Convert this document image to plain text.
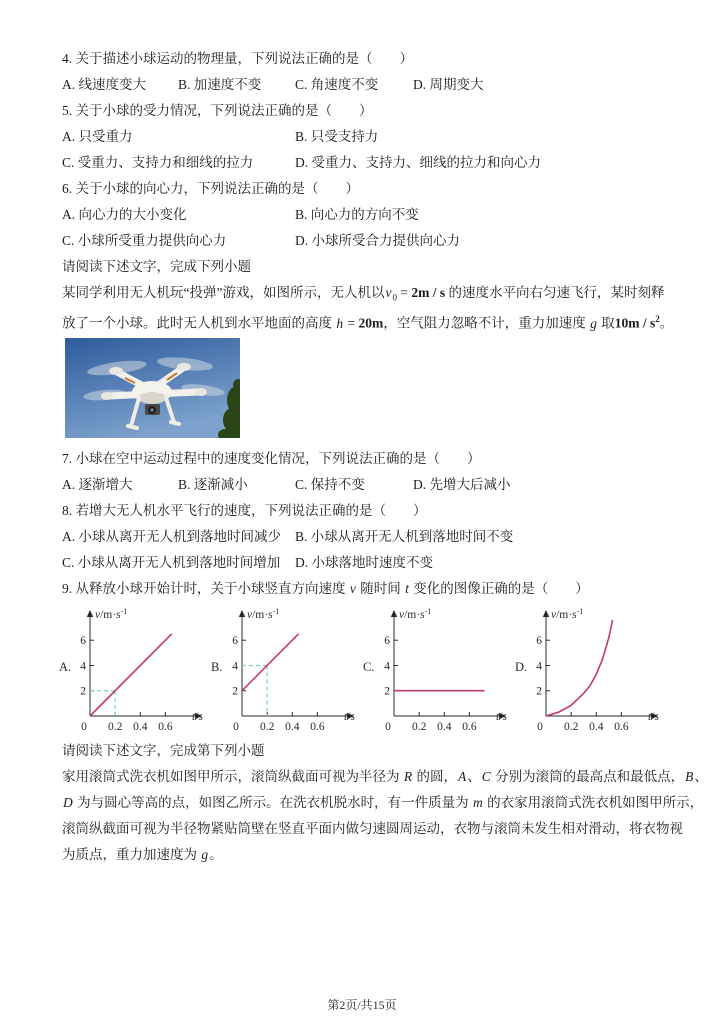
4. 关于描述小球运动的物理量，下列说法正确的是（　　）
A. 线速度变大	B. 加速度不变	C. 角速度不变	D. 周期变大
5. 关于小球的受力情况，下列说法正确的是（　　）
A. 只受重力	B. 只受支持力
C. 受重力、支持力和细线的拉力	D. 受重力、支持力、细线的拉力和向心力
6. 关于小球的向心力，下列说法正确的是（　　）
A. 向心力的大小变化	B. 向心力的方向不变
C. 小球所受重力提供向心力	D. 小球所受合力提供向心力
请阅读下述文字，完成下列小题
某同学利用无人机玩“投弹”游戏，如图所示，无人机以$v_0 = 2m / s$ 的速度水平向右匀速飞行，某时刻释
放了一个小球。此时无人机到水平地面的高度 h = 20m，空气阻力忽略不计，重力加速度 g 取$10m / s^2$。
7. 小球在空中运动过程中的速度变化情况，下列说法正确的是（　　）
A. 逐渐增大	B. 逐渐减小	C. 保持不变	D. 先增大后减小
8. 若增大无人机水平飞行的速度，下列说法正确的是（　　）
A. 小球从离开无人机到落地时间减少	B. 小球从离开无人机到落地时间不变
C. 小球从离开无人机到落地时间增加	D. 小球落地时速度不变
9. 从释放小球开始计时，关于小球竖直方向速度 v 随时间 t 变化的图像正确的是（　　）
A.
$v/m\cdot s^{-1}$
t/s
0
2
4
6
0.2 0.4 0.6
B.
$v/m\cdot s^{-1}$
t/s
0
2
4
6
0.2 0.4 0.6
C.
$v/m\cdot s^{-1}$
t/s
0
2
4
6
0.2 0.4 0.6
D.
$v/m\cdot s^{-1}$
t/s
0
2
4
6
0.2 0.4 0.6
请阅读下述文字，完成第下列小题
家用滚筒式洗衣机如图甲所示，滚筒纵截面可视为半径为 R 的圆，A、C 分别为滚筒的最高点和最低点，B、
D 为与圆心等高的点，如图乙所示。在洗衣机脱水时，有一件质量为 m 的衣家用滚筒式洗衣机如图甲所示，
滚筒纵截面可视为半径物紧贴筒壁在竖直平面内做匀速圆周运动，衣物与滚筒未发生相对滑动，将衣物视
为质点，重力加速度为 g。
第2页/共15页
